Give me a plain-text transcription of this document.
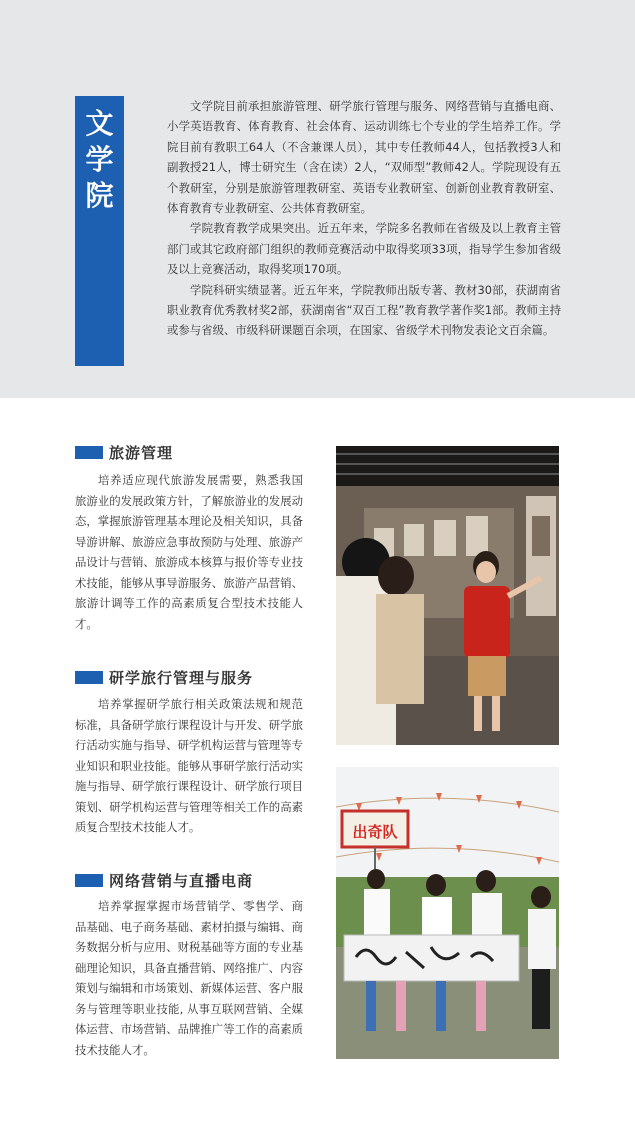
文
学
院

文学院目前承担旅游管理、研学旅行管理与服务、网络营销与直播电商、小学英语教育、体育教育、社会体育、运动训练七个专业的学生培养工作。学院目前有教职工64人（不含兼课人员），其中专任教师44人，包括教授3人和副教授21人，博士研究生（含在读）2人，“双师型”教师42人。学院现设有五个教研室，分别是旅游管理教研室、英语专业教研室、创新创业教育教研室、体育教育专业教研室、公共体育教研室。

学院教育教学成果突出。近五年来，学院多名教师在省级及以上教育主管部门或其它政府部门组织的教师竞赛活动中取得奖项33项，指导学生参加省级及以上竞赛活动，取得奖项170项。

学院科研实绩显著。近五年来，学院教师出版专著、教材30部，获湖南省职业教育优秀教材奖2部，获湖南省“双百工程”教育教学著作奖1部。教师主持或参与省级、市级科研课题百余项，在国家、省级学术刊物发表论文百余篇。

旅游管理

培养适应现代旅游发展需要，熟悉我国旅游业的发展政策方针，了解旅游业的发展动态，掌握旅游管理基本理论及相关知识，具备导游讲解、旅游应急事故预防与处理、旅游产品设计与营销、旅游成本核算与报价等专业技术技能，能够从事导游服务、旅游产品营销、旅游计调等工作的高素质复合型技术技能人才。

研学旅行管理与服务

培养掌握研学旅行相关政策法规和规范标准，具备研学旅行课程设计与开发、研学旅行活动实施与指导、研学机构运营与管理等专业知识和职业技能。能够从事研学旅行活动实施与指导、研学旅行课程设计、研学旅行项目策划、研学机构运营与管理等相关工作的高素质复合型技术技能人才。

网络营销与直播电商

培养掌握掌握市场营销学、零售学、商品基础、电子商务基础、素材拍摄与编辑、商务数据分析与应用、财税基础等方面的专业基础理论知识，具备直播营销、网络推广、内容策划与编辑和市场策划、新媒体运营、客户服务与管理等职业技能, 从事互联网营销、全媒体运营、市场营销、品牌推广等工作的高素质技术技能人才。

出奇队
